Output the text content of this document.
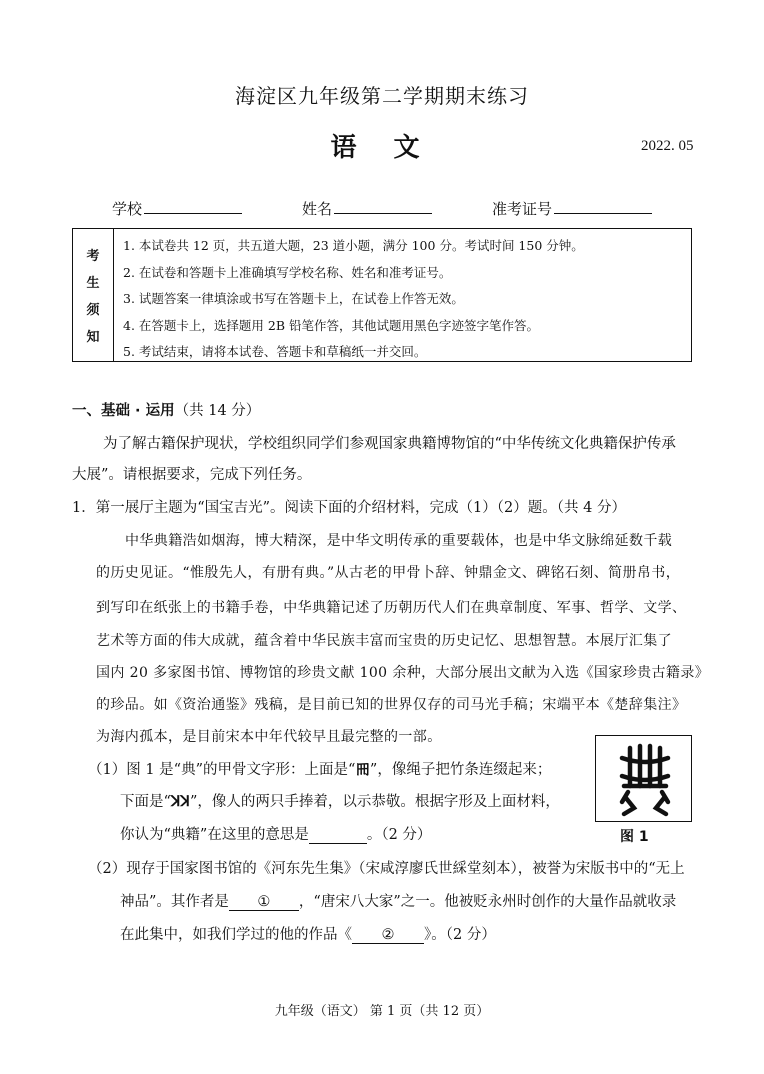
海淀区九年级第二学期期末练习
语 文	2022. 05
学校	姓名	准考证号
考
生
须
知
1. 本试卷共 12 页，共五道大题，23 道小题，满分 100 分。考试时间 150 分钟。
2. 在试卷和答题卡上准确填写学校名称、姓名和准考证号。
3. 试题答案一律填涂或书写在答题卡上，在试卷上作答无效。
4. 在答题卡上，选择题用 2B 铅笔作答，其他试题用黑色字迹签字笔作答。
5. 考试结束，请将本试卷、答题卡和草稿纸一并交回。
一、基础 · 运用（共 14 分）
为了解古籍保护现状，学校组织同学们参观国家典籍博物馆的“中华传统文化典籍保护传承
大展”。请根据要求，完成下列任务。
1．第一展厅主题为“国宝吉光”。阅读下面的介绍材料，完成（1）（2）题。（共 4 分）
中华典籍浩如烟海，博大精深，是中华文明传承的重要载体，也是中华文脉绵延数千载
的历史见证。“惟殷先人，有册有典。”从古老的甲骨卜辞、钟鼎金文、碑铭石刻、简册帛书，
到写印在纸张上的书籍手卷，中华典籍记述了历朝历代人们在典章制度、军事、哲学、文学、
艺术等方面的伟大成就，蕴含着中华民族丰富而宝贵的历史记忆、思想智慧。本展厅汇集了
国内 20 多家图书馆、博物馆的珍贵文献 100 余种，大部分展出文献为入选《国家珍贵古籍录》
的珍品。如《资治通鉴》残稿，是目前已知的世界仅存的司马光手稿；宋端平本《楚辞集注》
为海内孤本，是目前宋本中年代较早且最完整的一部。
（1）图 1 是“典”的甲骨文字形：上面是“𠕁”，像绳子把竹条连缀起来；
下面是“ꓘꓘ”，像人的两只手捧着，以示恭敬。根据字形及上面材料，
你认为“典籍”在这里的意思是	。（2 分）	图 1
（2）现存于国家图书馆的《河东先生集》（宋咸淳廖氏世綵堂刻本），被誉为宋版书中的“无上
神品”。其作者是 ① ，“唐宋八大家”之一。他被贬永州时创作的大量作品就收录
在此集中，如我们学过的他的作品《 ② 》。（2 分）
九年级（语文） 第 1 页（共 12 页）
